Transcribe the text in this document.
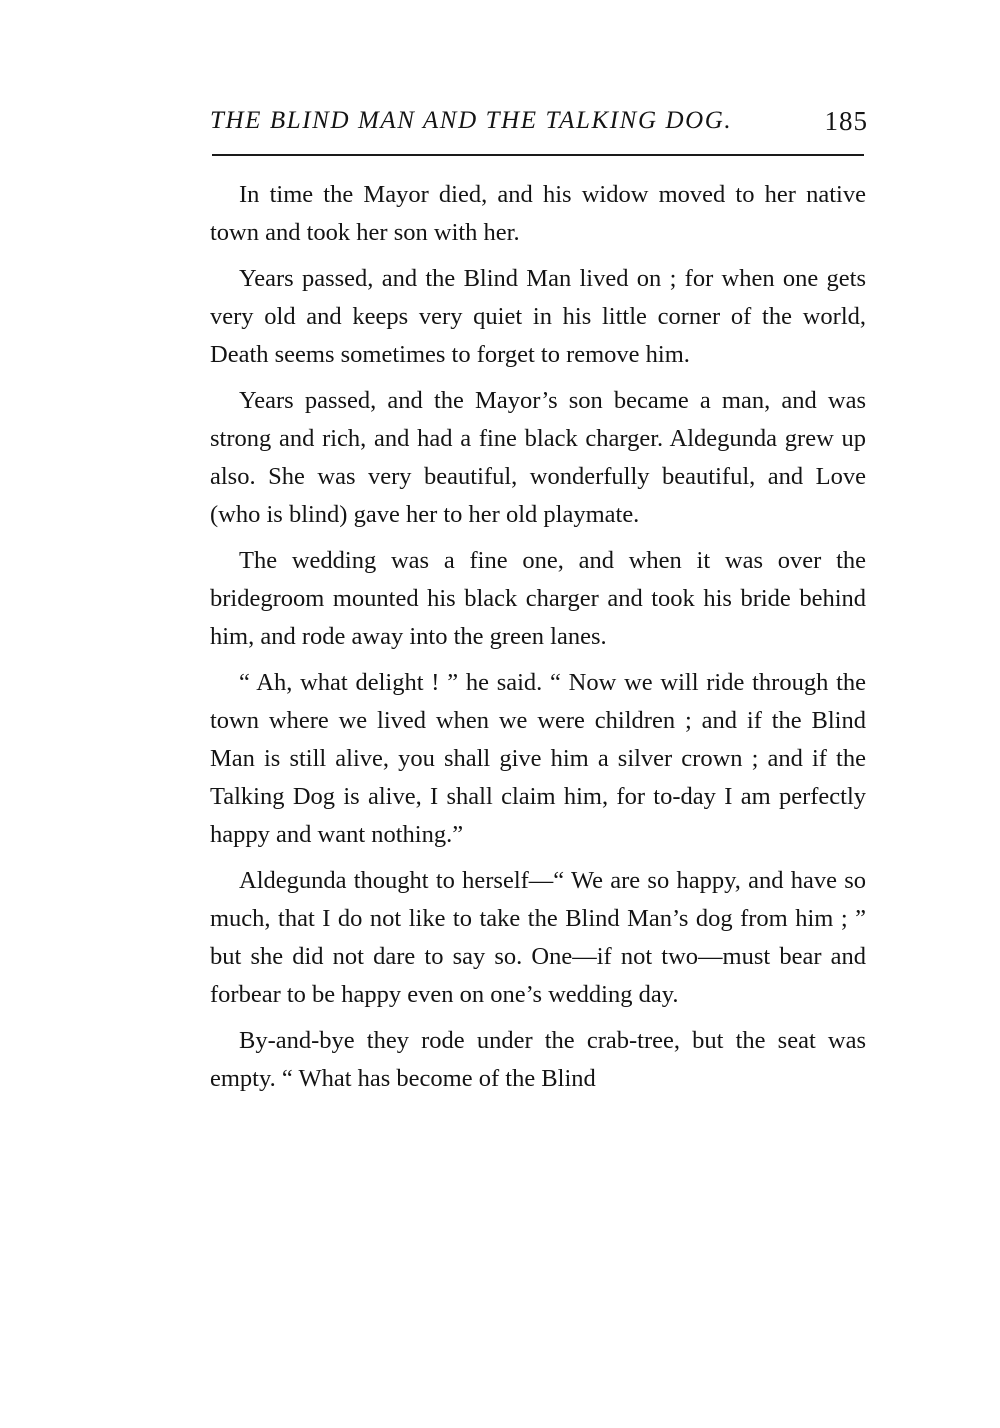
THE BLIND MAN AND THE TALKING DOG.	185

In time the Mayor died, and his widow moved to her native town and took her son with her.

Years passed, and the Blind Man lived on ; for when one gets very old and keeps very quiet in his little corner of the world, Death seems sometimes to forget to remove him.

Years passed, and the Mayor’s son became a man, and was strong and rich, and had a fine black charger. Aldegunda grew up also. She was very beautiful, wonderfully beautiful, and Love (who is blind) gave her to her old playmate.

The wedding was a fine one, and when it was over the bridegroom mounted his black charger and took his bride behind him, and rode away into the green lanes.

“ Ah, what delight ! ” he said. “ Now we will ride through the town where we lived when we were children ; and if the Blind Man is still alive, you shall give him a silver crown ; and if the Talking Dog is alive, I shall claim him, for to-day I am perfectly happy and want nothing.”

Aldegunda thought to herself—“ We are so happy, and have so much, that I do not like to take the Blind Man’s dog from him ; ” but she did not dare to say so. One—if not two—must bear and forbear to be happy even on one’s wedding day.

By-and-bye they rode under the crab-tree, but the seat was empty. “ What has become of the Blind
